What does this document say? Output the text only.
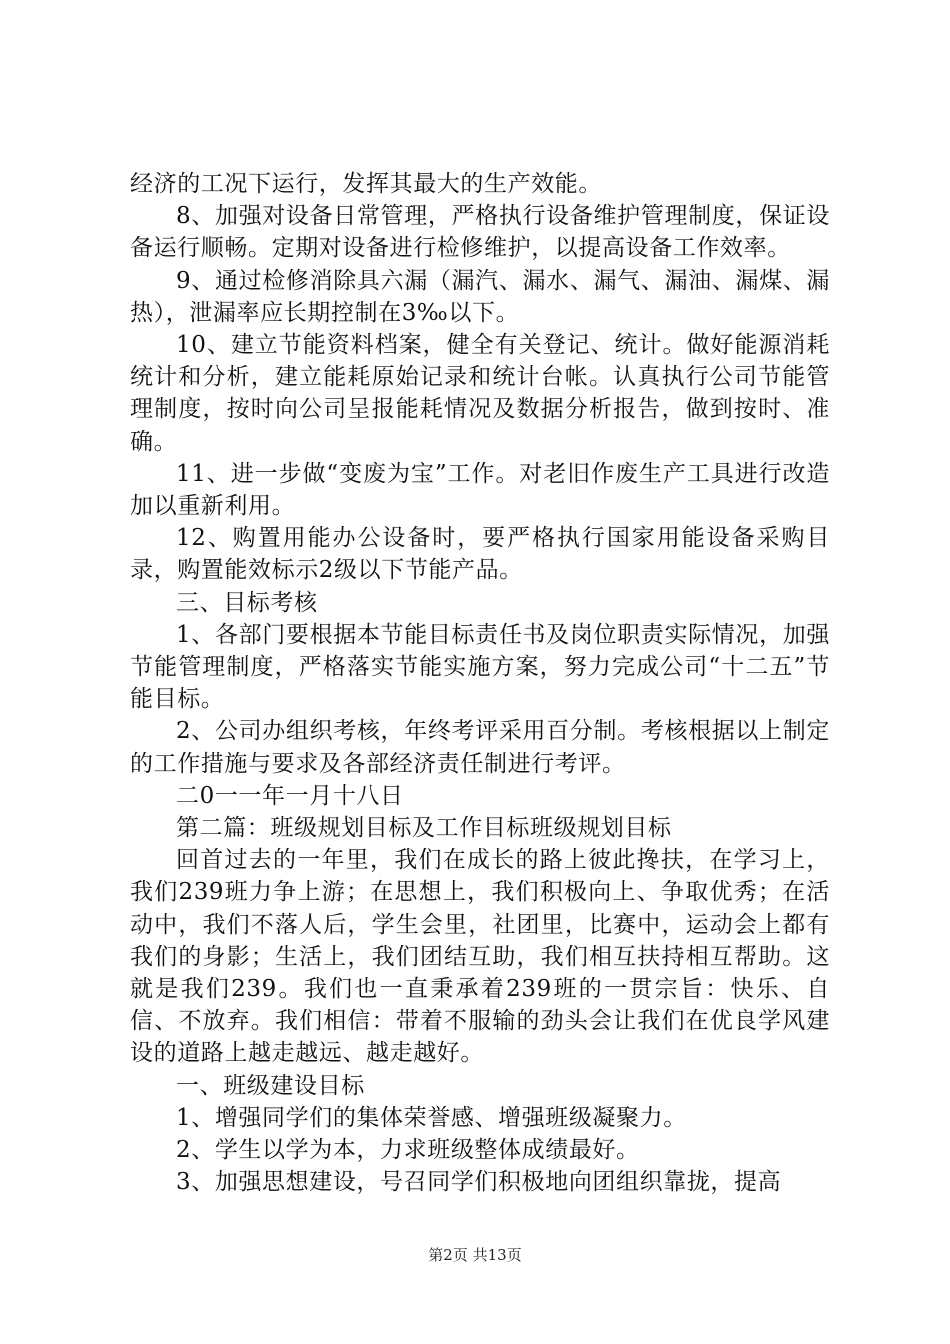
经济的工况下运行，发挥其最大的生产效能。

8、加强对设备日常管理，严格执行设备维护管理制度，保证设备运行顺畅。定期对设备进行检修维护，以提高设备工作效率。

9、通过检修消除具六漏（漏汽、漏水、漏气、漏油、漏煤、漏热），泄漏率应长期控制在3‰以下。

10、建立节能资料档案，健全有关登记、统计。做好能源消耗统计和分析，建立能耗原始记录和统计台帐。认真执行公司节能管理制度，按时向公司呈报能耗情况及数据分析报告，做到按时、准确。

11、进一步做“变废为宝”工作。对老旧作废生产工具进行改造加以重新利用。

12、购置用能办公设备时，要严格执行国家用能设备采购目录，购置能效标示2级以下节能产品。

三、目标考核

1、各部门要根据本节能目标责任书及岗位职责实际情况，加强节能管理制度，严格落实节能实施方案，努力完成公司“十二五”节能目标。

2、公司办组织考核，年终考评采用百分制。考核根据以上制定的工作措施与要求及各部经济责任制进行考评。

二0一一年一月十八日

第二篇：班级规划目标及工作目标班级规划目标

回首过去的一年里，我们在成长的路上彼此搀扶，在学习上，我们239班力争上游；在思想上，我们积极向上、争取优秀；在活动中，我们不落人后，学生会里，社团里，比赛中，运动会上都有我们的身影；生活上，我们团结互助，我们相互扶持相互帮助。这就是我们239。我们也一直秉承着239班的一贯宗旨：快乐、自信、不放弃。我们相信：带着不服输的劲头会让我们在优良学风建设的道路上越走越远、越走越好。

一、班级建设目标

1、增强同学们的集体荣誉感、增强班级凝聚力。

2、学生以学为本，力求班级整体成绩最好。

3、加强思想建设，号召同学们积极地向团组织靠拢，提高

第2页 共13页
